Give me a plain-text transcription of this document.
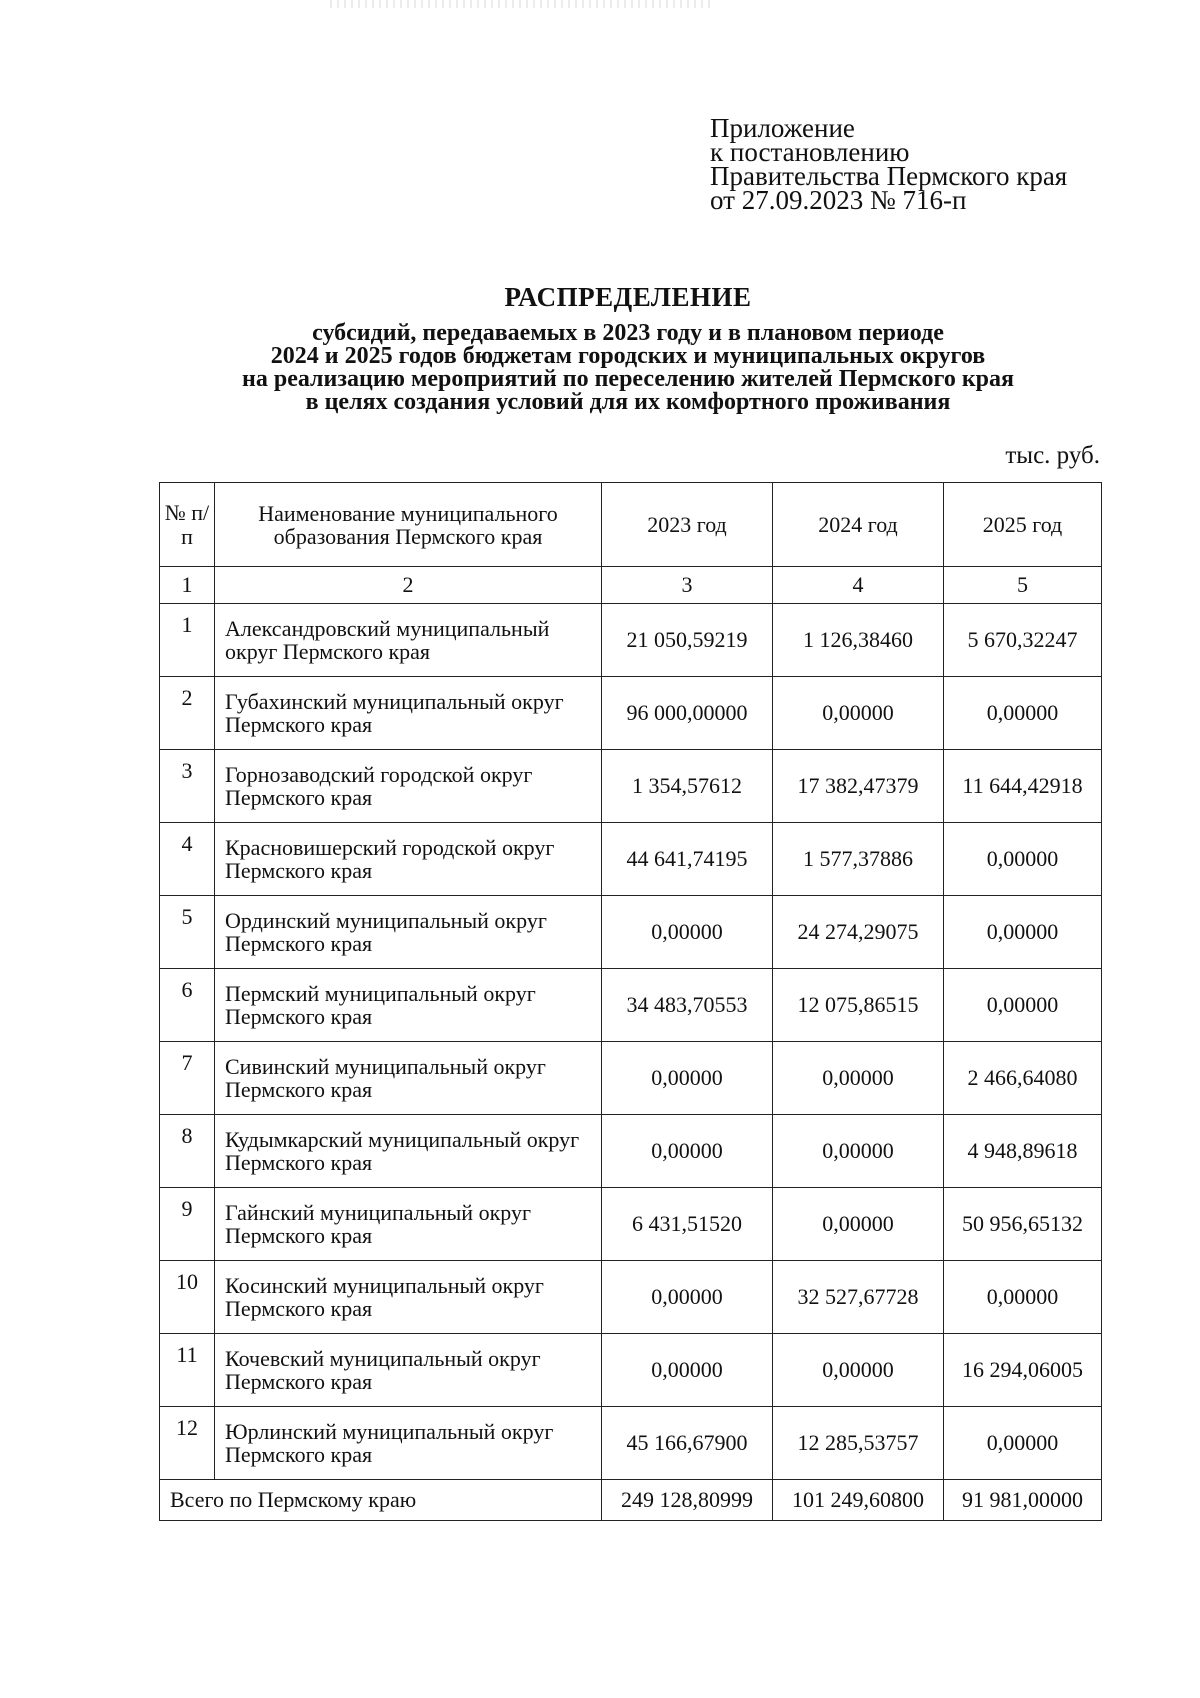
Приложение
к постановлению
Правительства Пермского края
от 27.09.2023 № 716-п
РАСПРЕДЕЛЕНИЕ
субсидий, передаваемых в 2023 году и в плановом периоде
2024 и 2025 годов бюджетам городских и муниципальных округов
на реализацию мероприятий по переселению жителей Пермского края
в целях создания условий для их комфортного проживания
тыс. руб.
№ п/п	Наименование муниципального образования Пермского края	2023 год	2024 год	2025 год
1	2	3	4	5
1	Александровский муниципальный округ Пермского края	21 050,59219	1 126,38460	5 670,32247
2	Губахинский муниципальный округ Пермского края	96 000,00000	0,00000	0,00000
3	Горнозаводский городской округ Пермского края	1 354,57612	17 382,47379	11 644,42918
4	Красновишерский городской округ Пермского края	44 641,74195	1 577,37886	0,00000
5	Ординский муниципальный округ Пермского края	0,00000	24 274,29075	0,00000
6	Пермский муниципальный округ Пермского края	34 483,70553	12 075,86515	0,00000
7	Сивинский муниципальный округ Пермского края	0,00000	0,00000	2 466,64080
8	Кудымкарский муниципальный округ Пермского края	0,00000	0,00000	4 948,89618
9	Гайнский муниципальный округ Пермского края	6 431,51520	0,00000	50 956,65132
10	Косинский муниципальный округ Пермского края	0,00000	32 527,67728	0,00000
11	Кочевский муниципальный округ Пермского края	0,00000	0,00000	16 294,06005
12	Юрлинский муниципальный округ Пермского края	45 166,67900	12 285,53757	0,00000
Всего по Пермскому краю		249 128,80999	101 249,60800	91 981,00000
